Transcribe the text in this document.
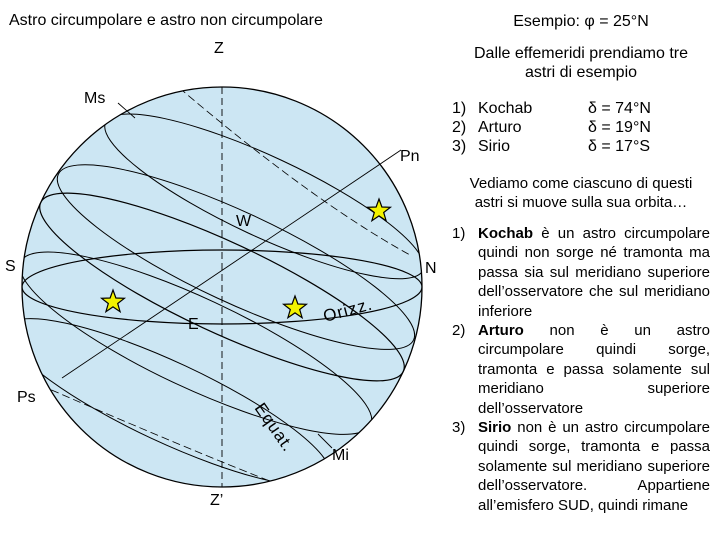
Orizz.
Equat.
Astro circumpolare e astro non circumpolare
Z
Ms
Pn
W
S	N
E
Ps
Mi
Z’
Esempio: φ = 25°N
Dalle effemeridi prendiamo tre astri di esempio
1) Kochab	δ = 74°N
2) Arturo	δ = 19°N
3) Sirio	δ = 17°S
Vediamo come ciascuno di questi astri si muove sulla sua orbita…
1) Kochab è un astro circumpolare quindi non sorge né tramonta ma passa sia sul meridiano superiore dell’osservatore che sul meridiano inferiore
2) Arturo non è un astro circumpolare quindi sorge, tramonta e passa solamente sul meridiano superiore dell’osservatore
3) Sirio non è un astro circumpolare quindi sorge, tramonta e passa solamente sul meridiano superiore dell’osservatore. Appartiene all’emisfero SUD, quindi rimane
